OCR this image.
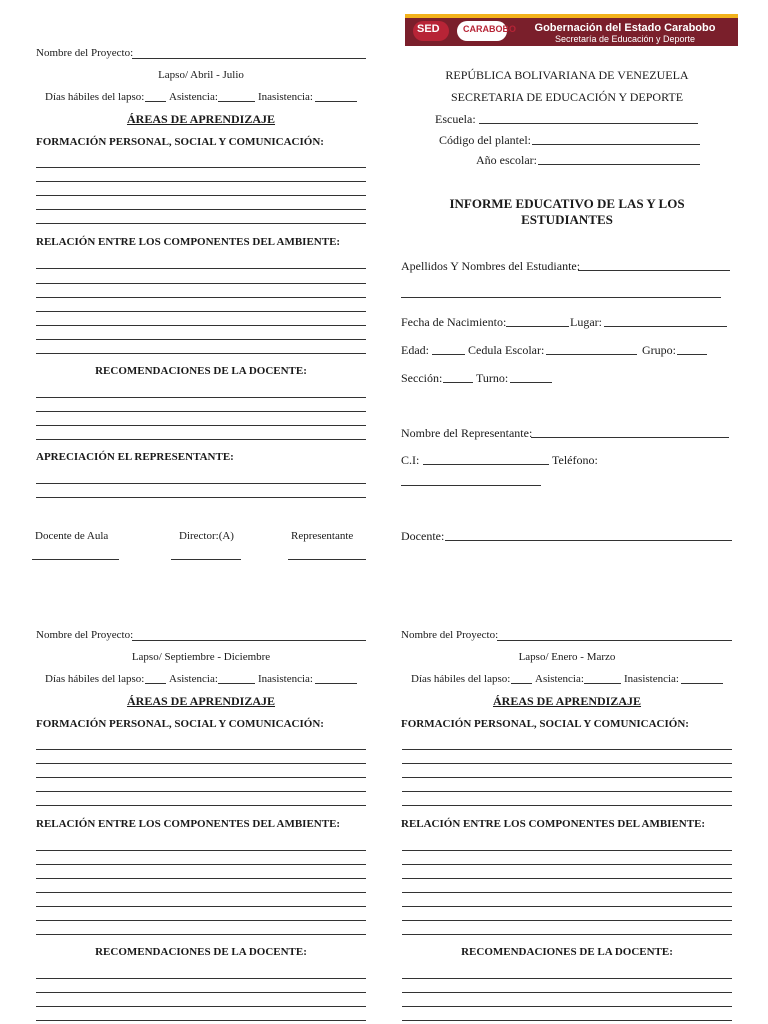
SED	CARABOBO	Gobernación del Estado Carabobo
Secretaría de Educación y Deporte
Nombre del Proyecto:
Lapso/ Abril - Julio
Días hábiles del lapso: Asistencia:	Inasistencia:
ÁREAS DE APRENDIZAJE
FORMACIÓN PERSONAL, SOCIAL Y COMUNICACIÓN:
RELACIÓN ENTRE LOS COMPONENTES DEL AMBIENTE:
RECOMENDACIONES DE LA DOCENTE:
APRECIACIÓN EL REPRESENTANTE:
Docente de Aula	Director:(A)	Representante
REPÚBLICA BOLIVARIANA DE VENEZUELA
SECRETARIA DE EDUCACIÓN Y DEPORTE
Escuela:
Código del plantel:
Año escolar:
INFORME EDUCATIVO DE LAS Y LOS
ESTUDIANTES
Apellidos Y Nombres del Estudiante:
Fecha de Nacimiento:	Lugar:
Edad:	Cedula Escolar:	Grupo:
Sección:	Turno:
Nombre del Representante:
C.I:	Teléfono:
Docente:
Nombre del Proyecto:
Lapso/ Septiembre - Diciembre
Días hábiles del lapso: Asistencia:	Inasistencia:
ÁREAS DE APRENDIZAJE
FORMACIÓN PERSONAL, SOCIAL Y COMUNICACIÓN:
RELACIÓN ENTRE LOS COMPONENTES DEL AMBIENTE:
RECOMENDACIONES DE LA DOCENTE:
Nombre del Proyecto:
Lapso/ Enero - Marzo
Días hábiles del lapso: Asistencia:	Inasistencia:
ÁREAS DE APRENDIZAJE
FORMACIÓN PERSONAL, SOCIAL Y COMUNICACIÓN:
RELACIÓN ENTRE LOS COMPONENTES DEL AMBIENTE:
RECOMENDACIONES DE LA DOCENTE:
